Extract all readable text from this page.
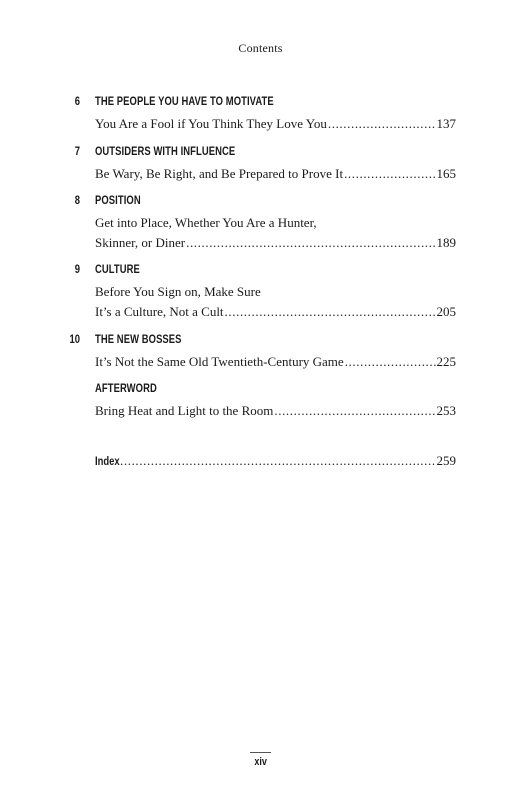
Contents
6 THE PEOPLE YOU HAVE TO MOTIVATE
You Are a Fool if You Think They Love You .....	137
7 OUTSIDERS WITH INFLUENCE
Be Wary, Be Right, and Be Prepared to Prove It .....	165
8 POSITION
Get into Place, Whether You Are a Hunter,
Skinner, or Diner .....	189
9 CULTURE
Before You Sign on, Make Sure
It’s a Culture, Not a Cult .....	205
10 THE NEW BOSSES
It’s Not the Same Old Twentieth-Century Game .....	225
AFTERWORD
Bring Heat and Light to the Room .....	253
Index .....	259
xiv
